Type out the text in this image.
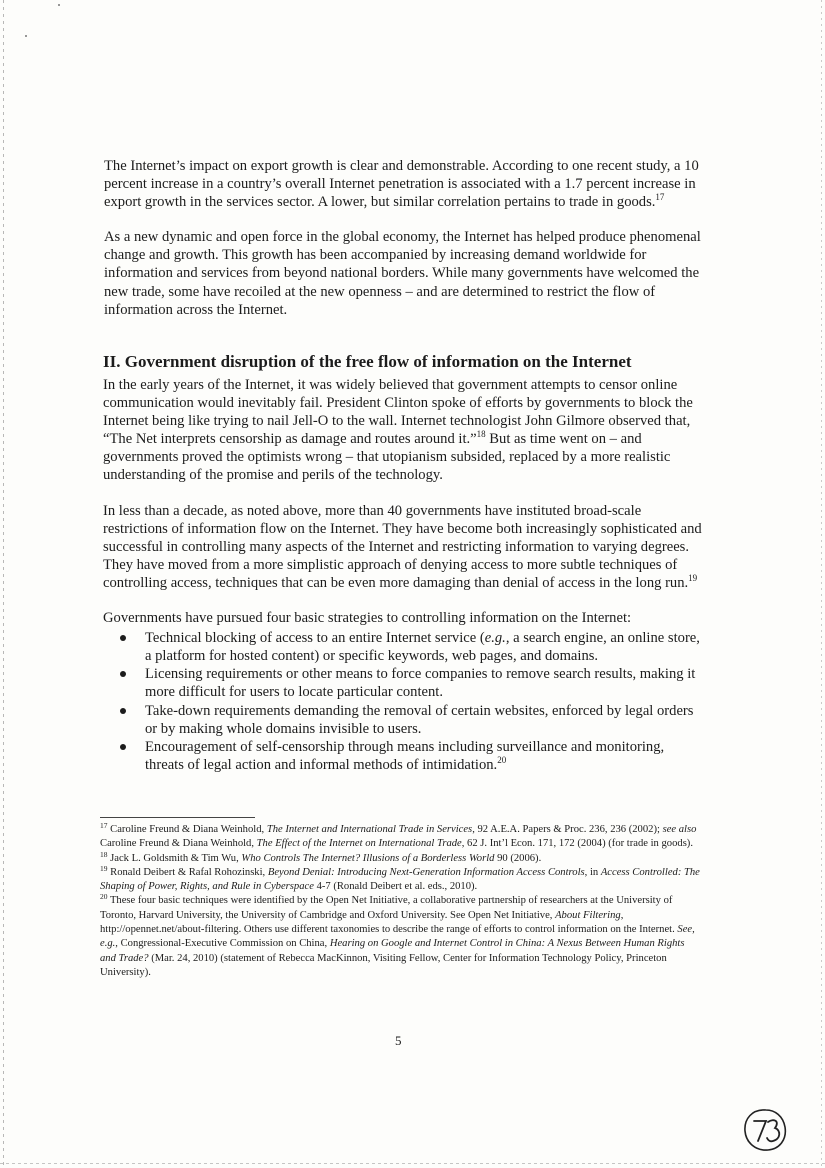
The Internet’s impact on export growth is clear and demonstrable. According to one recent study, a 10 percent increase in a country’s overall Internet penetration is associated with a 1.7 percent increase in export growth in the services sector. A lower, but similar correlation pertains to trade in goods.$^{17}$

As a new dynamic and open force in the global economy, the Internet has helped produce phenomenal change and growth. This growth has been accompanied by increasing demand worldwide for information and services from beyond national borders. While many governments have welcomed the new trade, some have recoiled at the new openness – and are determined to restrict the flow of information across the Internet.

II. Government disruption of the free flow of information on the Internet

In the early years of the Internet, it was widely believed that government attempts to censor online communication would inevitably fail. President Clinton spoke of efforts by governments to block the Internet being like trying to nail Jell-O to the wall. Internet technologist John Gilmore observed that, “The Net interprets censorship as damage and routes around it.”$^{18}$ But as time went on – and governments proved the optimists wrong – that utopianism subsided, replaced by a more realistic understanding of the promise and perils of the technology.

In less than a decade, as noted above, more than 40 governments have instituted broad-scale restrictions of information flow on the Internet. They have become both increasingly sophisticated and successful in controlling many aspects of the Internet and restricting information to varying degrees. They have moved from a more simplistic approach of denying access to more subtle techniques of controlling access, techniques that can be even more damaging than denial of access in the long run.$^{19}$

Governments have pursued four basic strategies to controlling information on the Internet:

Technical blocking of access to an entire Internet service (e.g., a search engine, an online store, a platform for hosted content) or specific keywords, web pages, and domains.
Licensing requirements or other means to force companies to remove search results, making it more difficult for users to locate particular content.
Take-down requirements demanding the removal of certain websites, enforced by legal orders or by making whole domains invisible to users.
Encouragement of self-censorship through means including surveillance and monitoring, threats of legal action and informal methods of intimidation.$^{20}$

$^{17}$ Caroline Freund & Diana Weinhold, The Internet and International Trade in Services, 92 A.E.A. Papers & Proc. 236, 236 (2002); see also Caroline Freund & Diana Weinhold, The Effect of the Internet on International Trade, 62 J. Int’l Econ. 171, 172 (2004) (for trade in goods).

$^{18}$ Jack L. Goldsmith & Tim Wu, Who Controls The Internet? Illusions of a Borderless World 90 (2006).

$^{19}$ Ronald Deibert & Rafal Rohozinski, Beyond Denial: Introducing Next-Generation Information Access Controls, in Access Controlled: The Shaping of Power, Rights, and Rule in Cyberspace 4-7 (Ronald Deibert et al. eds., 2010).

$^{20}$ These four basic techniques were identified by the Open Net Initiative, a collaborative partnership of researchers at the University of Toronto, Harvard University, the University of Cambridge and Oxford University. See Open Net Initiative, About Filtering, http://opennet.net/about-filtering. Others use different taxonomies to describe the range of efforts to control information on the Internet. See, e.g., Congressional-Executive Commission on China, Hearing on Google and Internet Control in China: A Nexus Between Human Rights and Trade? (Mar. 24, 2010) (statement of Rebecca MacKinnon, Visiting Fellow, Center for Information Technology Policy, Princeton University).

5
